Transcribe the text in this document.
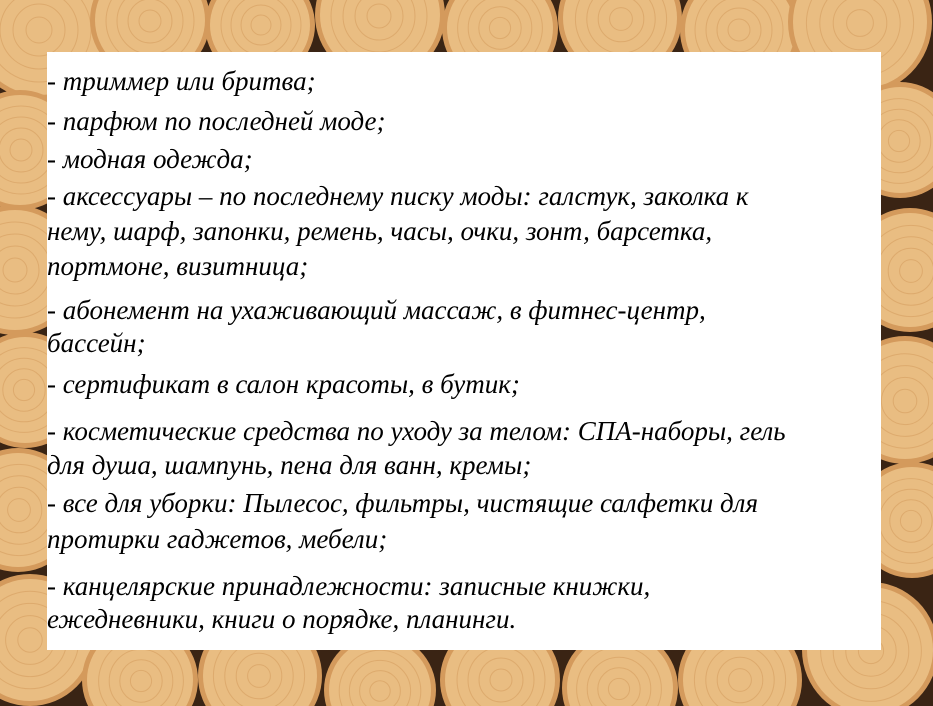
- триммер или бритва;
- парфюм по последней моде;
- модная одежда;
- аксессуары – по последнему писку моды: галстук, заколка к
нему, шарф, запонки, ремень, часы, очки, зонт, барсетка,
портмоне, визитница;
- абонемент на ухаживающий массаж, в фитнес-центр,
бассейн;
- сертификат в салон красоты, в бутик;
- косметические средства по уходу за телом: СПА-наборы, гель
для душа, шампунь, пена для ванн, кремы;
- все для уборки: Пылесос, фильтры, чистящие салфетки для
протирки гаджетов, мебели;
- канцелярские принадлежности: записные книжки,
ежедневники, книги о порядке, планинги.
